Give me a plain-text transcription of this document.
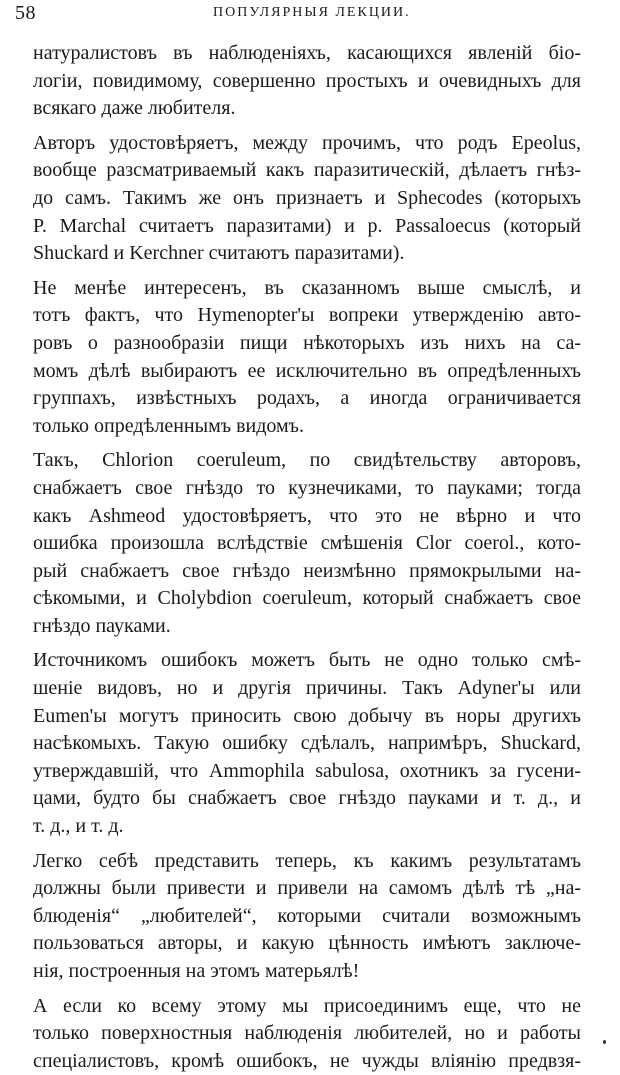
58	ПОПУЛЯРНЫЯ ЛЕКЦИИ.
натуралистовъ въ наблюденіяхъ, касающихся явленій біо-
логіи, повидимому, совершенно простыхъ и очевидныхъ для
всякаго даже любителя.
Авторъ удостовѣряетъ, между прочимъ, что родъ Epeolus,
вообще разсматриваемый какъ паразитическій, дѣлаетъ гнѣз-
до самъ. Такимъ же онъ признаетъ и Sphecodes (которыхъ
P. Marchal считаетъ паразитами) и р. Passaloecus (который
Shuckard и Kerchner считаютъ паразитами).
Не менѣе интересенъ, въ сказанномъ выше смыслѣ, и
тотъ фактъ, что Hymenopter'ы вопреки утвержденію авто-
ровъ о разнообразіи пищи нѣкоторыхъ изъ нихъ на са-
момъ дѣлѣ выбираютъ ее исключительно въ опредѣленныхъ
группахъ, извѣстныхъ родахъ, а иногда ограничивается
только опредѣленнымъ видомъ.
Такъ, Chlorion coeruleum, по свидѣтельству авторовъ,
снабжаетъ свое гнѣздо то кузнечиками, то пауками; тогда
какъ Ashmeod удостовѣряетъ, что это не вѣрно и что
ошибка произошла вслѣдствіе смѣшенія Clor coerol., кото-
рый снабжаетъ свое гнѣздо неизмѣнно прямокрылыми на-
сѣкомыми, и Cholybdion coeruleum, который снабжаетъ свое
гнѣздо пауками.
Источникомъ ошибокъ можетъ быть не одно только смѣ-
шеніе видовъ, но и другія причины. Такъ Adyner'ы или
Eumen'ы могутъ приносить свою добычу въ норы другихъ
насѣкомыхъ. Такую ошибку сдѣлалъ, напримѣръ, Shuckard,
утверждавшій, что Ammophila sabulosa, охотникъ за гусени-
цами, будто бы снабжаетъ свое гнѣздо пауками и т. д., и
т. д., и т. д.
Легко себѣ представить теперь, къ какимъ результатамъ
должны были привести и привели на самомъ дѣлѣ тѣ „на-
блюденія“ „любителей“, которыми считали возможнымъ
пользоваться авторы, и какую цѣнность имѣютъ заключе-
нія, построенныя на этомъ матерьялѣ!
А если ко всему этому мы присоединимъ еще, что не
только поверхностныя наблюденія любителей, но и работы
спеціалистовъ, кромѣ ошибокъ, не чужды вліянію предвзя-
